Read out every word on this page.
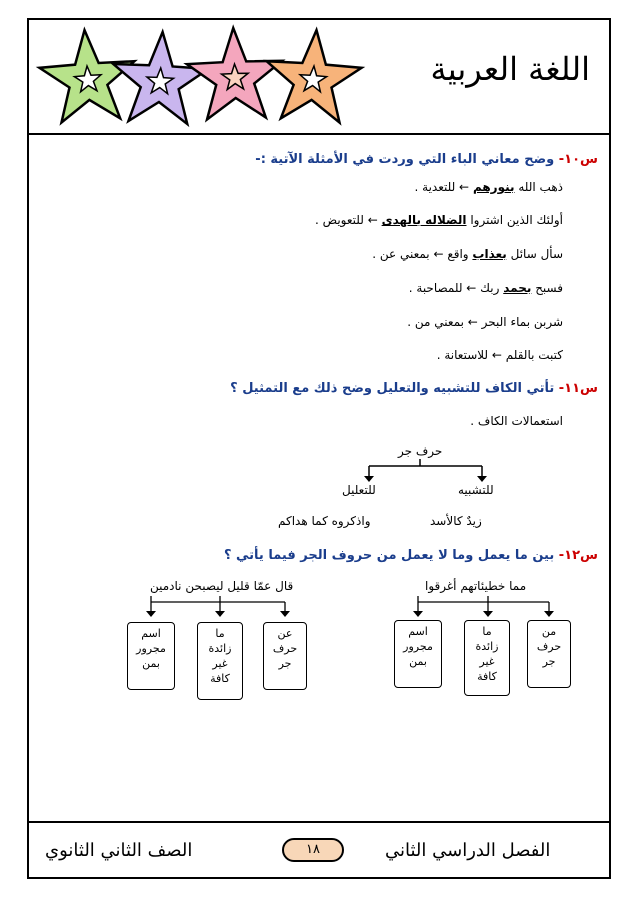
اللغة العربية
س١٠- وضح معاني الباء التي وردت في الأمثلة الآتية :-
ذهب الله بنورهم ← للتعدية .
أولئك الذين اشتروا الضلاله بالهدى ← للتعويض .
سأل سائل بعذاب واقع ← بمعني عن .
فسبح بحمد ربك ← للمصاحبة .
شربن بماء البحر ← بمعني من .
كتبت بالقلم ← للاستعانة .
س١١- تأتي الكاف للتشبيه والتعليل وضح ذلك مع التمثيل ؟
استعمالات الكاف .
حرف جر
للتعليل	للتشبيه
واذكروه كما هداكم	زيدٌ كالأسد
س١٢- بين ما يعمل وما لا يعمل من حروف الجر فيما يأتي ؟
مما خطيئاتهم أغرقوا
قال عمّا قليل ليصبحن نادمين
من
حرف
جر
ما
زائدة
غير
كافة
اسم
مجرور
بمن
عن
حرف
جر
ما
زائدة
غير
كافة
اسم
مجرور
بمن
الفصل الدراسي الثاني
١٨
الصف الثاني الثانوي
